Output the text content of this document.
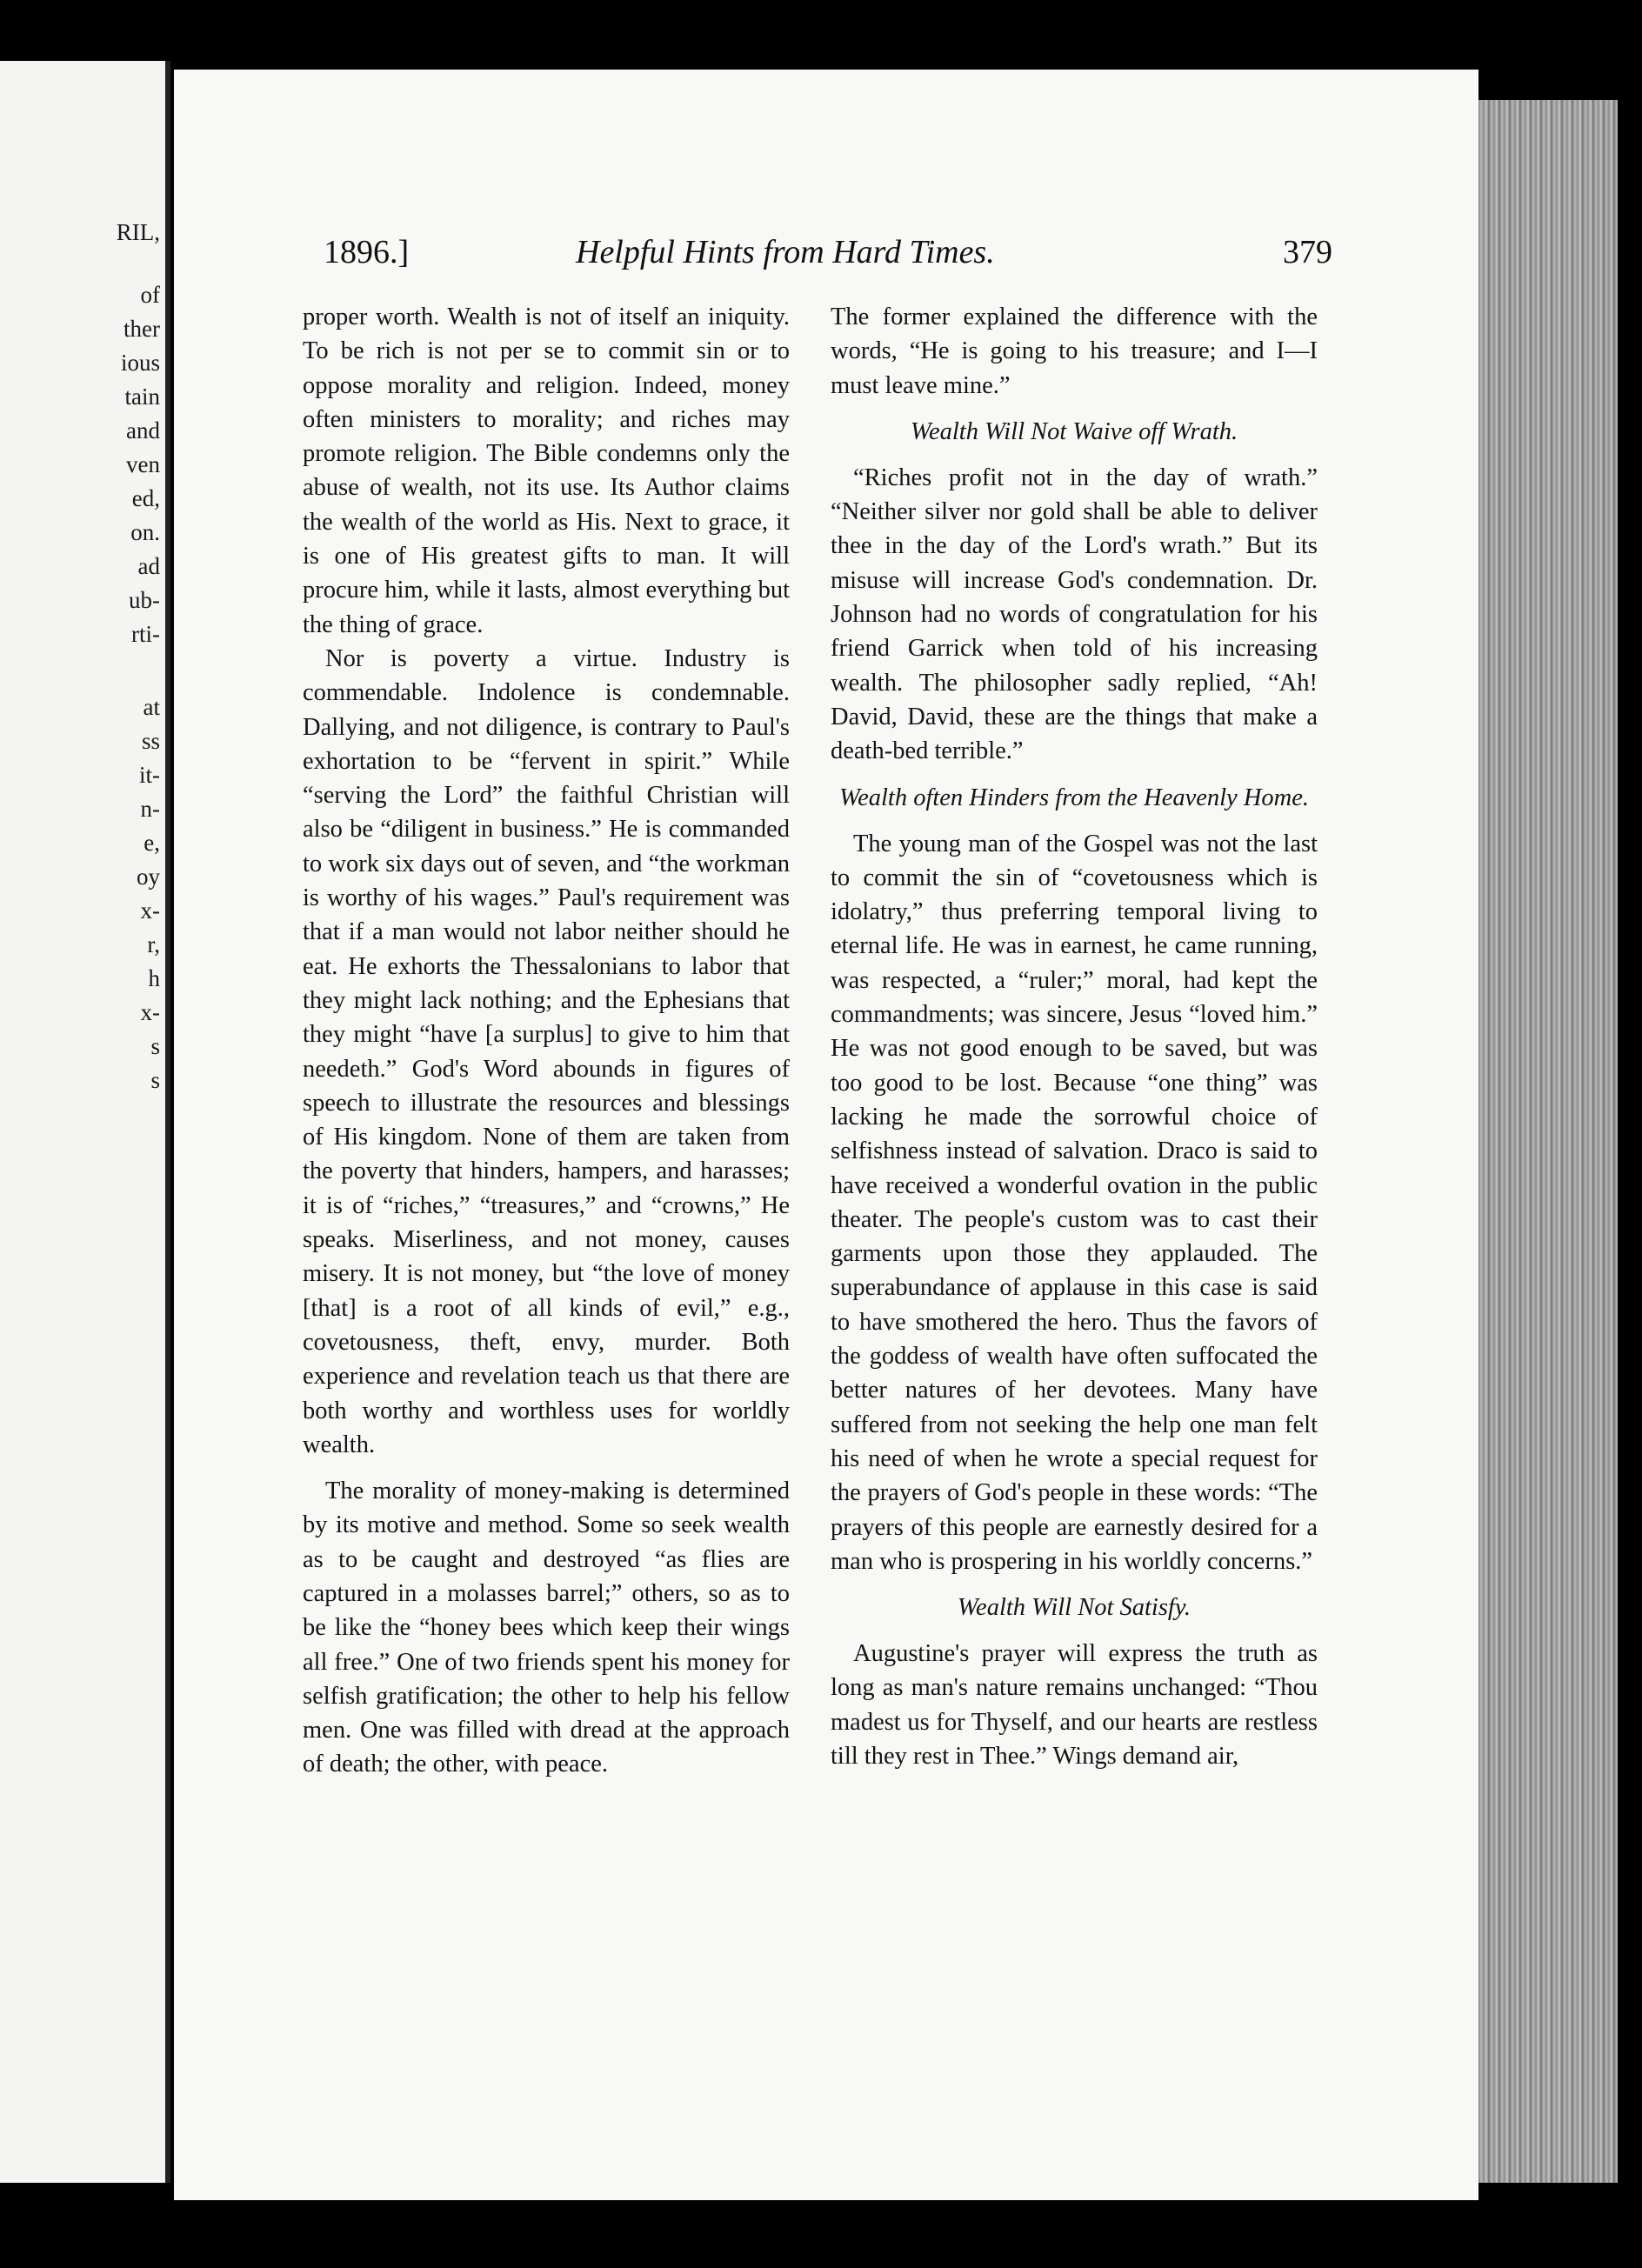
RIL,
of
ther
ious
tain
and
ven
ed,
on.
ad
ub-
rti-
at
ss
it-
n-
e,
oy
x-
r,
h
x-
s
s
1896.]	Helpful Hints from Hard Times.	379

proper worth. Wealth is not of itself an iniquity. To be rich is not per se to commit sin or to oppose morality and religion. Indeed, money often ministers to morality; and riches may promote religion. The Bible condemns only the abuse of wealth, not its use. Its Author claims the wealth of the world as His. Next to grace, it is one of His greatest gifts to man. It will procure him, while it lasts, almost everything but the thing of grace.

Nor is poverty a virtue. Industry is commendable. Indolence is condemnable. Dallying, and not diligence, is contrary to Paul's exhortation to be “fervent in spirit.” While “serving the Lord” the faithful Christian will also be “diligent in business.” He is commanded to work six days out of seven, and “the workman is worthy of his wages.” Paul's requirement was that if a man would not labor neither should he eat. He exhorts the Thessalonians to labor that they might lack nothing; and the Ephesians that they might “have [a surplus] to give to him that needeth.” God's Word abounds in figures of speech to illustrate the resources and blessings of His kingdom. None of them are taken from the poverty that hinders, hampers, and harasses; it is of “riches,” “treasures,” and “crowns,” He speaks. Miserliness, and not money, causes misery. It is not money, but “the love of money [that] is a root of all kinds of evil,” e.g., covetousness, theft, envy, murder. Both experience and revelation teach us that there are both worthy and worthless uses for worldly wealth.

The morality of money-making is determined by its motive and method. Some so seek wealth as to be caught and destroyed “as flies are captured in a molasses barrel;” others, so as to be like the “honey bees which keep their wings all free.” One of two friends spent his money for selfish gratification; the other to help his fellow men. One was filled with dread at the approach of death; the other, with peace.

The former explained the difference with the words, “He is going to his treasure; and I—I must leave mine.”

Wealth Will Not Waive off Wrath.

“Riches profit not in the day of wrath.” “Neither silver nor gold shall be able to deliver thee in the day of the Lord's wrath.” But its misuse will increase God's condemnation. Dr. Johnson had no words of congratulation for his friend Garrick when told of his increasing wealth. The philosopher sadly replied, “Ah! David, David, these are the things that make a death-bed terrible.”

Wealth often Hinders from the Heavenly Home.

The young man of the Gospel was not the last to commit the sin of “covetousness which is idolatry,” thus preferring temporal living to eternal life. He was in earnest, he came running, was respected, a “ruler;” moral, had kept the commandments; was sincere, Jesus “loved him.” He was not good enough to be saved, but was too good to be lost. Because “one thing” was lacking he made the sorrowful choice of selfishness instead of salvation. Draco is said to have received a wonderful ovation in the public theater. The people's custom was to cast their garments upon those they applauded. The superabundance of applause in this case is said to have smothered the hero. Thus the favors of the goddess of wealth have often suffocated the better natures of her devotees. Many have suffered from not seeking the help one man felt his need of when he wrote a special request for the prayers of God's people in these words: “The prayers of this people are earnestly desired for a man who is prospering in his worldly concerns.”

Wealth Will Not Satisfy.

Augustine's prayer will express the truth as long as man's nature remains unchanged: “Thou madest us for Thyself, and our hearts are restless till they rest in Thee.” Wings demand air,
